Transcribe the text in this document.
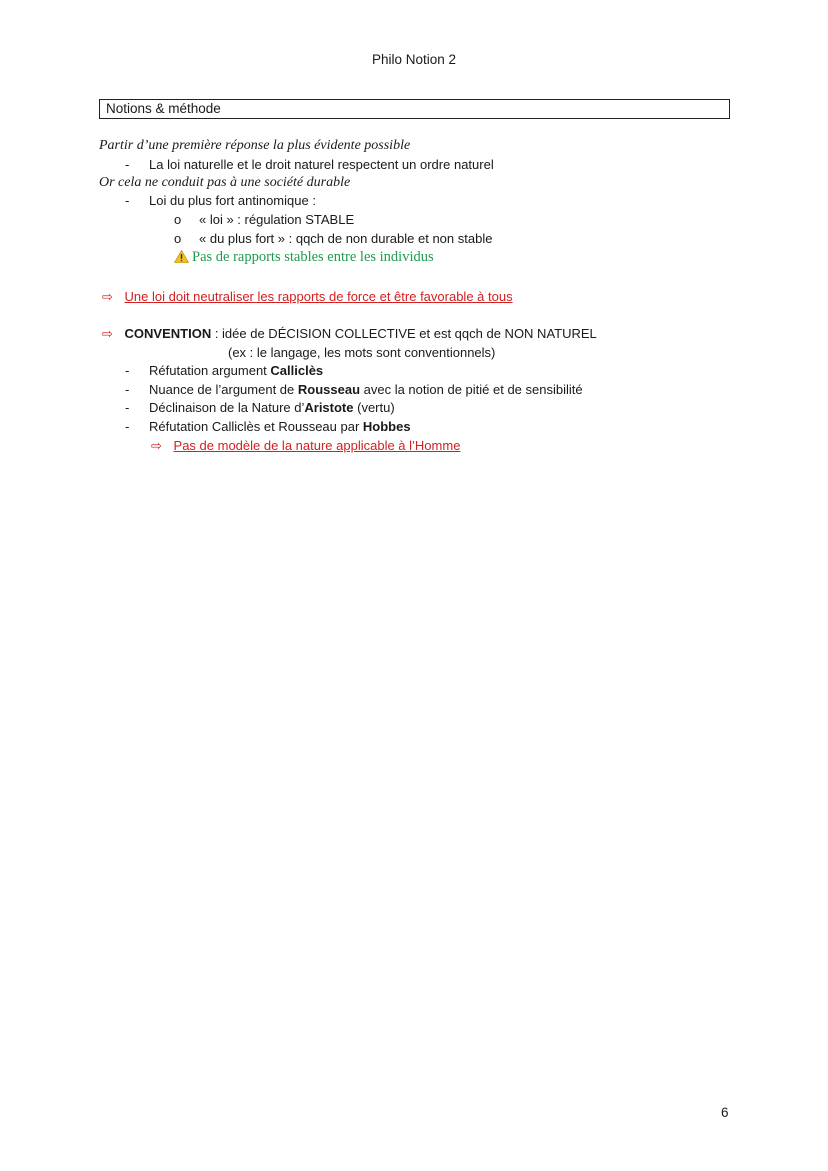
Philo Notion 2
Notions & méthode
Partir d’une première réponse la plus évidente possible
- La loi naturelle et le droit naturel respectent un ordre naturel
Or cela ne conduit pas à une société durable
- Loi du plus fort antinomique :
o « loi » : régulation STABLE
o « du plus fort » : qqch de non durable et non stable
Pas de rapports stables entre les individus
⇨ Une loi doit neutraliser les rapports de force et être favorable à tous
⇨ CONVENTION : idée de DÉCISION COLLECTIVE et est qqch de NON NATUREL
(ex : le langage, les mots sont conventionnels)
- Réfutation argument Calliclès
- Nuance de l’argument de Rousseau avec la notion de pitié et de sensibilité
- Déclinaison de la Nature d’Aristote (vertu)
- Réfutation Calliclès et Rousseau par Hobbes
⇨ Pas de modèle de la nature applicable à l’Homme
6
